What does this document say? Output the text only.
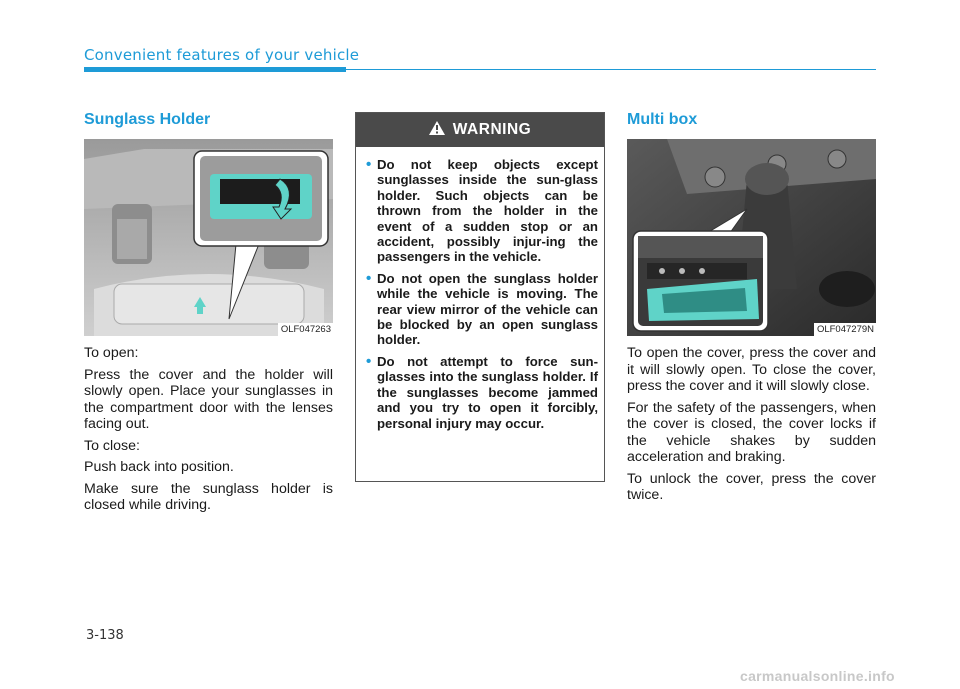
Convenient features of your vehicle
Sunglass Holder
OLF047263

To open:

Press the cover and the holder will slowly open. Place your sunglasses in the compartment door with the lenses facing out.

To close:

Push back into position.

Make sure the sunglass holder is closed while driving.

WARNING
• Do not keep objects except sunglasses inside the sun-glass holder. Such objects can be thrown from the holder in the event of a sudden stop or an accident, possibly injur-ing the passengers in the vehicle.
• Do not open the sunglass holder while the vehicle is moving. The rear view mirror of the vehicle can be blocked by an open sunglass holder.
• Do not attempt to force sun-glasses into the sunglass holder. If the sunglasses become jammed and you try to open it forcibly, personal injury may occur.
Multi box
OLF047279N

To open the cover, press the cover and it will slowly open. To close the cover, press the cover and it will slowly close.

For the safety of the passengers, when the cover is closed, the cover locks if the vehicle shakes by sudden acceleration and braking.

To unlock the cover, press the cover twice.

3-138
carmanualsonline.info
